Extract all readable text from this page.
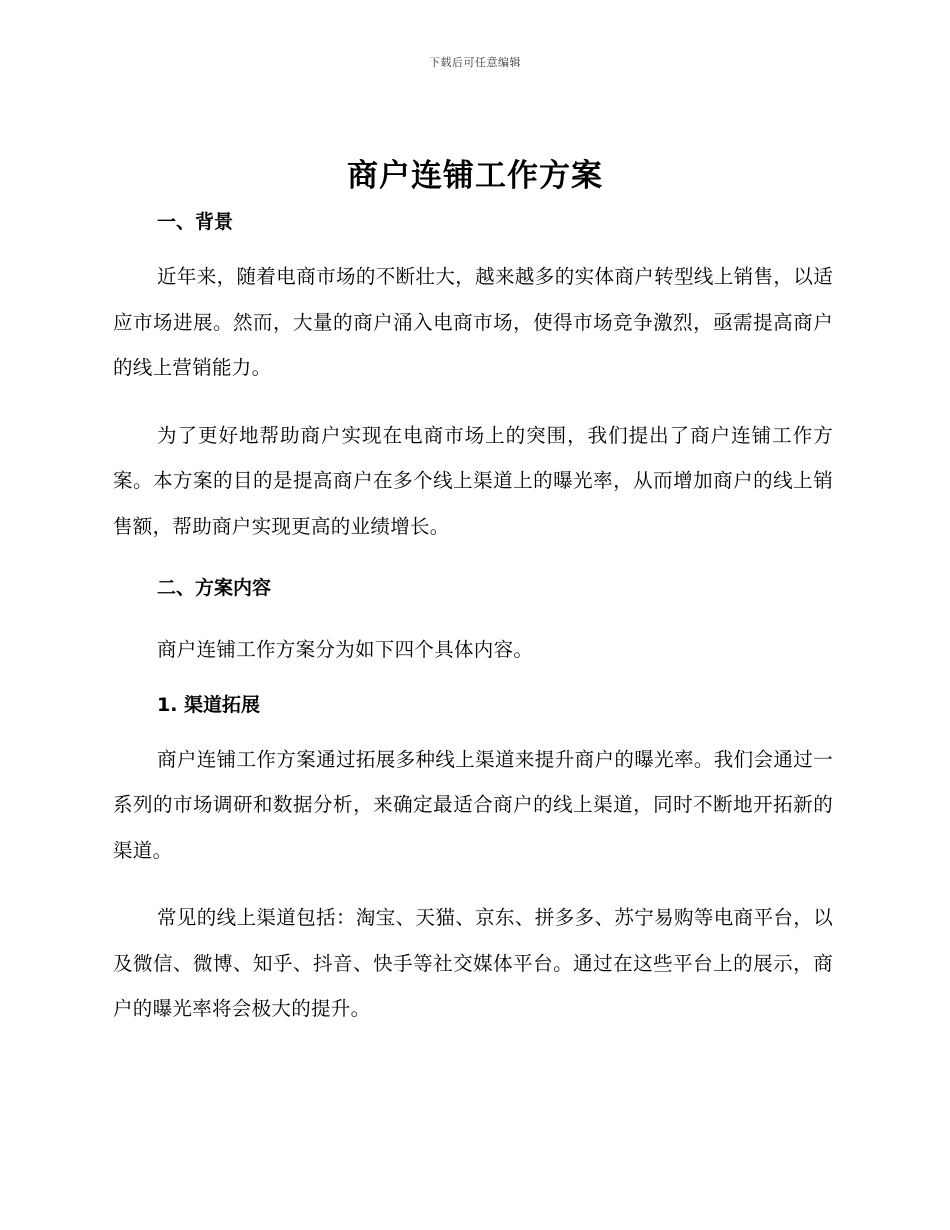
下载后可任意编辑
商户连铺工作方案
一、背景

近年来，随着电商市场的不断壮大，越来越多的实体商户转型线上销售，以适应市场进展。然而，大量的商户涌入电商市场，使得市场竞争激烈，亟需提高商户的线上营销能力。

为了更好地帮助商户实现在电商市场上的突围，我们提出了商户连铺工作方案。本方案的目的是提高商户在多个线上渠道上的曝光率，从而增加商户的线上销售额，帮助商户实现更高的业绩增长。

二、方案内容

商户连铺工作方案分为如下四个具体内容。

1. 渠道拓展

商户连铺工作方案通过拓展多种线上渠道来提升商户的曝光率。我们会通过一系列的市场调研和数据分析，来确定最适合商户的线上渠道，同时不断地开拓新的渠道。

常见的线上渠道包括：淘宝、天猫、京东、拼多多、苏宁易购等电商平台，以及微信、微博、知乎、抖音、快手等社交媒体平台。通过在这些平台上的展示，商户的曝光率将会极大的提升。
